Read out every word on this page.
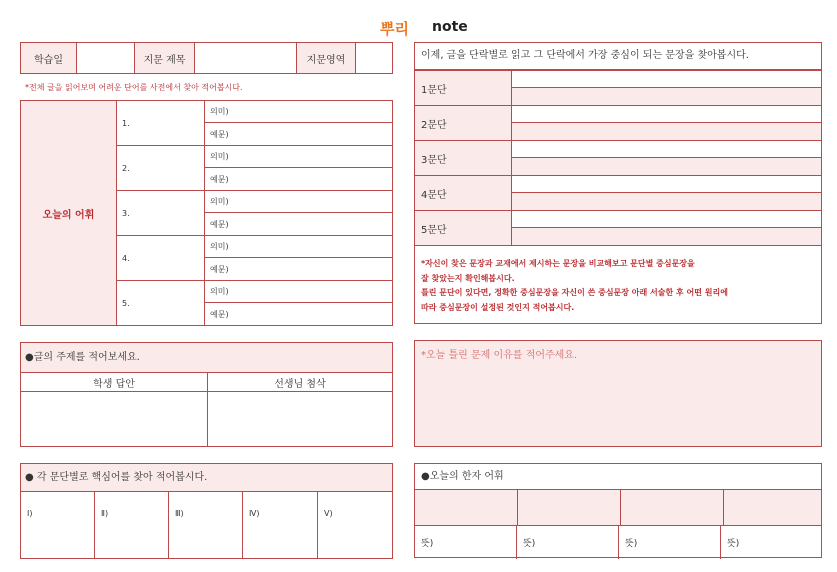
뿌리 note
학습일		지문 제목		지문영역	
*전체 글을 읽어보며 어려운 단어를 사전에서 찾아 적어봅시다.
오늘의 어휘	1.	의미)
		예문)
	2.	의미)
		예문)
	3.	의미)
		예문)
	4.	의미)
		예문)
	5.	의미)
		예문)
이제, 글을 단락별로 읽고 그 단락에서 가장 중심이 되는 문장을 찾아봅시다.
1문단	

2문단	

3문단	

4문단	

5문단	

*자신이 찾은 문장과 교재에서 제시하는 문장을 비교해보고 문단별 중심문장을
잘 찾았는지 확인해봅시다.
틀린 문단이 있다면, 정확한 중심문장을 자신이 쓴 중심문장 아래 서술한 후 어떤 원리에
따라 중심문장이 설정된 것인지 적어봅시다.
●글의 주제를 적어보세요.
학생 답안	선생님 첨삭
*오늘 틀린 문제 이유를 적어주세요.
● 각 문단별로 핵심어를 찾아 적어봅시다.
Ⅰ)	Ⅱ)	Ⅲ)	Ⅳ)	Ⅴ)
●오늘의 한자 어휘
뜻)	뜻)	뜻)	뜻)
